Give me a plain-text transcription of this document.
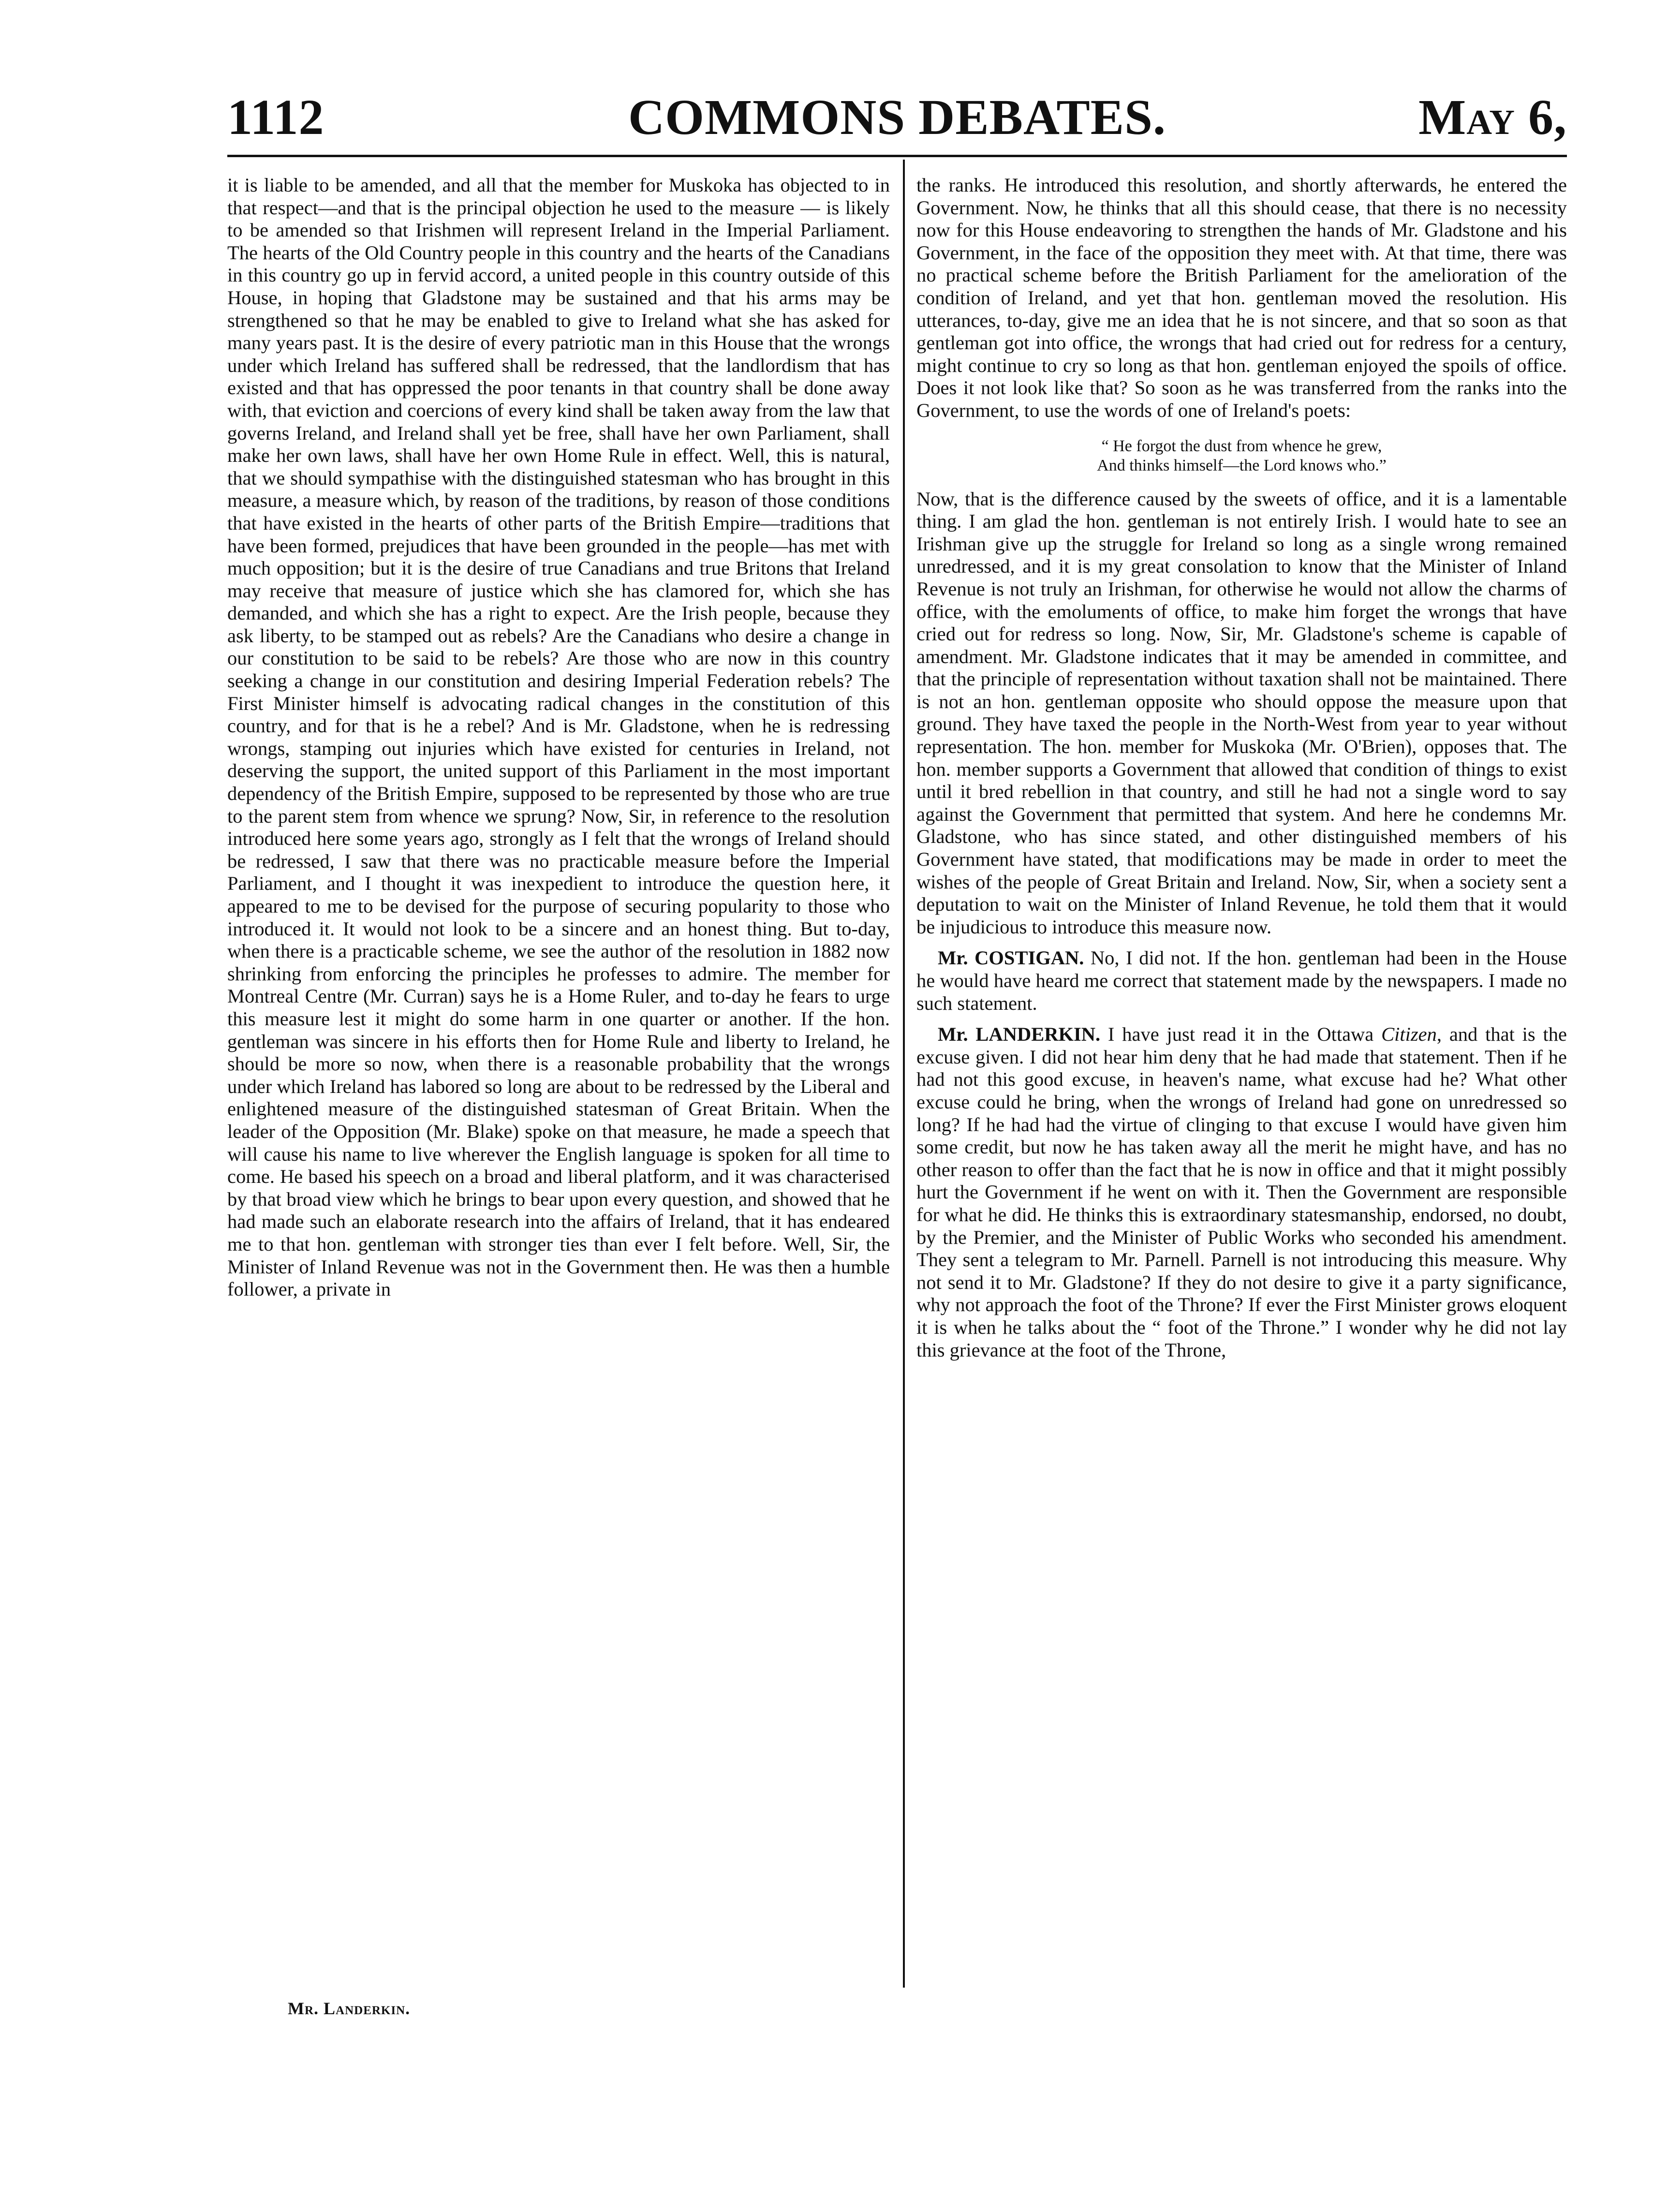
COMMONS DEBATES.
1112	May 6,

it is liable to be amended, and all that the member for Muskoka has objected to in that respect—and that is the principal objection he used to the measure — is likely to be amended so that Irishmen will represent Ireland in the Imperial Parliament. The hearts of the Old Country people in this country and the hearts of the Canadians in this country go up in fervid accord, a united people in this country outside of this House, in hoping that Gladstone may be sustained and that his arms may be strengthened so that he may be enabled to give to Ireland what she has asked for many years past. It is the desire of every patriotic man in this House that the wrongs under which Ireland has suffered shall be redressed, that the landlordism that has existed and that has oppressed the poor tenants in that country shall be done away with, that eviction and coercions of every kind shall be taken away from the law that governs Ireland, and Ireland shall yet be free, shall have her own Parliament, shall make her own laws, shall have her own Home Rule in effect. Well, this is natural, that we should sympathise with the distinguished statesman who has brought in this measure, a measure which, by reason of the traditions, by reason of those conditions that have existed in the hearts of other parts of the British Empire—traditions that have been formed, prejudices that have been grounded in the people—has met with much opposition; but it is the desire of true Canadians and true Britons that Ireland may receive that measure of justice which she has clamored for, which she has demanded, and which she has a right to expect. Are the Irish people, because they ask liberty, to be stamped out as rebels? Are the Canadians who desire a change in our constitution to be said to be rebels? Are those who are now in this country seeking a change in our constitution and desiring Imperial Federation rebels? The First Minister himself is advocating radical changes in the constitution of this country, and for that is he a rebel? And is Mr. Gladstone, when he is redressing wrongs, stamping out injuries which have existed for centuries in Ireland, not deserving the support, the united support of this Parliament in the most important dependency of the British Empire, supposed to be represented by those who are true to the parent stem from whence we sprung? Now, Sir, in reference to the resolution introduced here some years ago, strongly as I felt that the wrongs of Ireland should be redressed, I saw that there was no practicable measure before the Imperial Parliament, and I thought it was inexpedient to introduce the question here, it appeared to me to be devised for the purpose of securing popularity to those who introduced it. It would not look to be a sincere and an honest thing. But to-day, when there is a practicable scheme, we see the author of the resolution in 1882 now shrinking from enforcing the principles he professes to admire. The member for Montreal Centre (Mr. Curran) says he is a Home Ruler, and to-day he fears to urge this measure lest it might do some harm in one quarter or another. If the hon. gentleman was sincere in his efforts then for Home Rule and liberty to Ireland, he should be more so now, when there is a reasonable probability that the wrongs under which Ireland has labored so long are about to be redressed by the Liberal and enlightened measure of the distinguished statesman of Great Britain. When the leader of the Opposition (Mr. Blake) spoke on that measure, he made a speech that will cause his name to live wherever the English language is spoken for all time to come. He based his speech on a broad and liberal platform, and it was characterised by that broad view which he brings to bear upon every question, and showed that he had made such an elaborate research into the affairs of Ireland, that it has endeared me to that hon. gentleman with stronger ties than ever I felt before. Well, Sir, the Minister of Inland Revenue was not in the Government then. He was then a humble follower, a private in

the ranks. He introduced this resolution, and shortly afterwards, he entered the Government. Now, he thinks that all this should cease, that there is no necessity now for this House endeavoring to strengthen the hands of Mr. Gladstone and his Government, in the face of the opposition they meet with. At that time, there was no practical scheme before the British Parliament for the amelioration of the condition of Ireland, and yet that hon. gentleman moved the resolution. His utterances, to-day, give me an idea that he is not sincere, and that so soon as that gentleman got into office, the wrongs that had cried out for redress for a century, might continue to cry so long as that hon. gentleman enjoyed the spoils of office. Does it not look like that? So soon as he was transferred from the ranks into the Government, to use the words of one of Ireland's poets:

“ He forgot the dust from whence he grew,
And thinks himself—the Lord knows who.”

Now, that is the difference caused by the sweets of office, and it is a lamentable thing. I am glad the hon. gentleman is not entirely Irish. I would hate to see an Irishman give up the struggle for Ireland so long as a single wrong remained unredressed, and it is my great consolation to know that the Minister of Inland Revenue is not truly an Irishman, for otherwise he would not allow the charms of office, with the emoluments of office, to make him forget the wrongs that have cried out for redress so long. Now, Sir, Mr. Gladstone's scheme is capable of amendment. Mr. Gladstone indicates that it may be amended in committee, and that the principle of representation without taxation shall not be maintained. There is not an hon. gentleman opposite who should oppose the measure upon that ground. They have taxed the people in the North-West from year to year without representation. The hon. member for Muskoka (Mr. O'Brien), opposes that. The hon. member supports a Government that allowed that condition of things to exist until it bred rebellion in that country, and still he had not a single word to say against the Government that permitted that system. And here he condemns Mr. Gladstone, who has since stated, and other distinguished members of his Government have stated, that modifications may be made in order to meet the wishes of the people of Great Britain and Ireland. Now, Sir, when a society sent a deputation to wait on the Minister of Inland Revenue, he told them that it would be injudicious to introduce this measure now.

Mr. COSTIGAN. No, I did not. If the hon. gentleman had been in the House he would have heard me correct that statement made by the newspapers. I made no such statement.

Mr. LANDERKIN. I have just read it in the Ottawa Citizen, and that is the excuse given. I did not hear him deny that he had made that statement. Then if he had not this good excuse, in heaven's name, what excuse had he? What other excuse could he bring, when the wrongs of Ireland had gone on unredressed so long? If he had had the virtue of clinging to that excuse I would have given him some credit, but now he has taken away all the merit he might have, and has no other reason to offer than the fact that he is now in office and that it might possibly hurt the Government if he went on with it. Then the Government are responsible for what he did. He thinks this is extraordinary statesmanship, endorsed, no doubt, by the Premier, and the Minister of Public Works who seconded his amendment. They sent a telegram to Mr. Parnell. Parnell is not introducing this measure. Why not send it to Mr. Gladstone? If they do not desire to give it a party significance, why not approach the foot of the Throne? If ever the First Minister grows eloquent it is when he talks about the “ foot of the Throne.” I wonder why he did not lay this grievance at the foot of the Throne,

Mr. Landerkin.
